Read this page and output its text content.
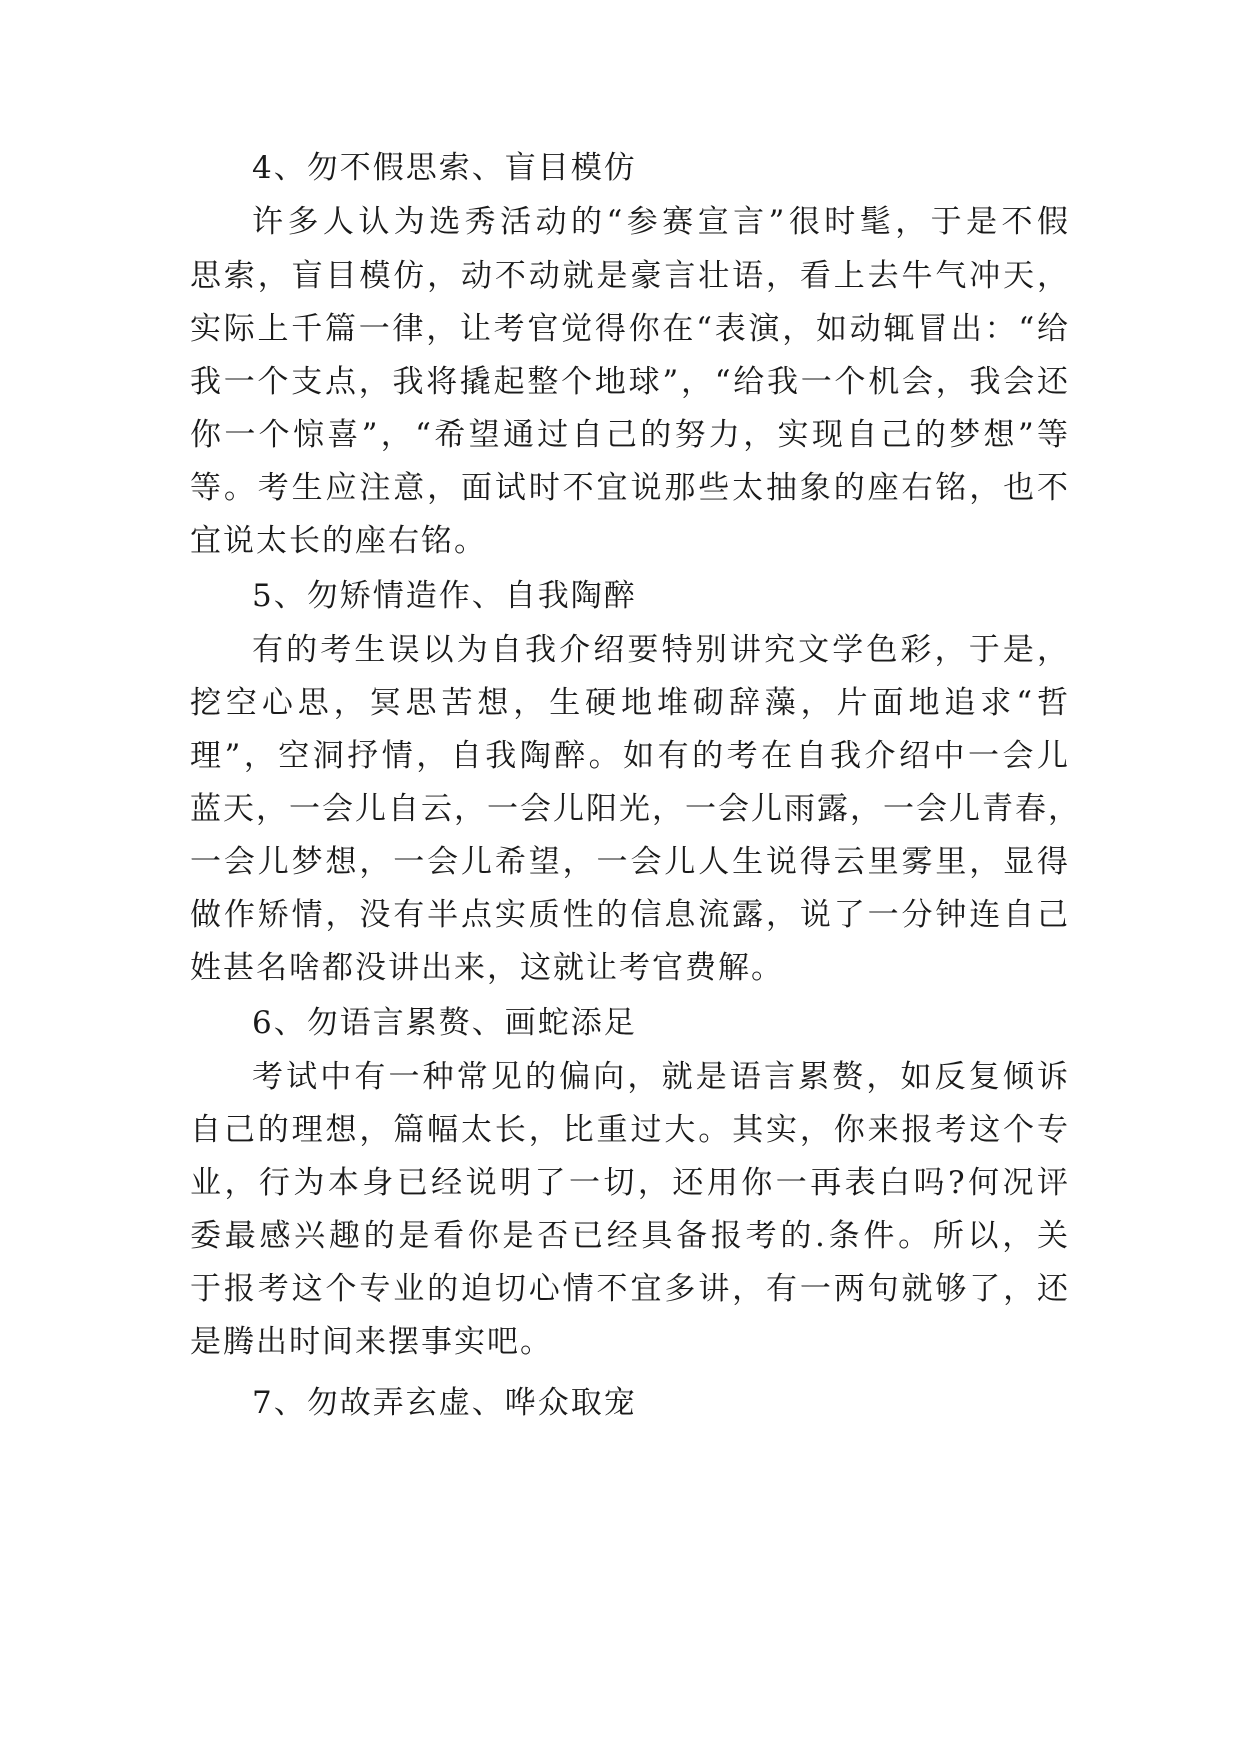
4、勿不假思索、盲目模仿
许多人认为选秀活动的“参赛宣言”很时髦，于是不假
思索，盲目模仿，动不动就是豪言壮语，看上去牛气冲天，
实际上千篇一律，让考官觉得你在“表演，如动辄冒出：“给
我一个支点，我将撬起整个地球”，“给我一个机会，我会还
你一个惊喜”，“希望通过自己的努力，实现自己的梦想”等
等。考生应注意，面试时不宜说那些太抽象的座右铭，也不
宜说太长的座右铭。
5、勿矫情造作、自我陶醉
有的考生误以为自我介绍要特别讲究文学色彩，于是，
挖空心思，冥思苦想，生硬地堆砌辞藻，片面地追求“哲
理”，空洞抒情，自我陶醉。如有的考在自我介绍中一会儿
蓝天，一会儿自云，一会儿阳光，一会儿雨露，一会儿青春，
一会儿梦想，一会儿希望，一会儿人生说得云里雾里，显得
做作矫情，没有半点实质性的信息流露，说了一分钟连自己
姓甚名啥都没讲出来，这就让考官费解。
6、勿语言累赘、画蛇添足
考试中有一种常见的偏向，就是语言累赘，如反复倾诉
自己的理想，篇幅太长，比重过大。其实，你来报考这个专
业，行为本身已经说明了一切，还用你一再表白吗?何况评
委最感兴趣的是看你是否已经具备报考的.条件。所以，关
于报考这个专业的迫切心情不宜多讲，有一两句就够了，还
是腾出时间来摆事实吧。
7、勿故弄玄虚、哗众取宠
